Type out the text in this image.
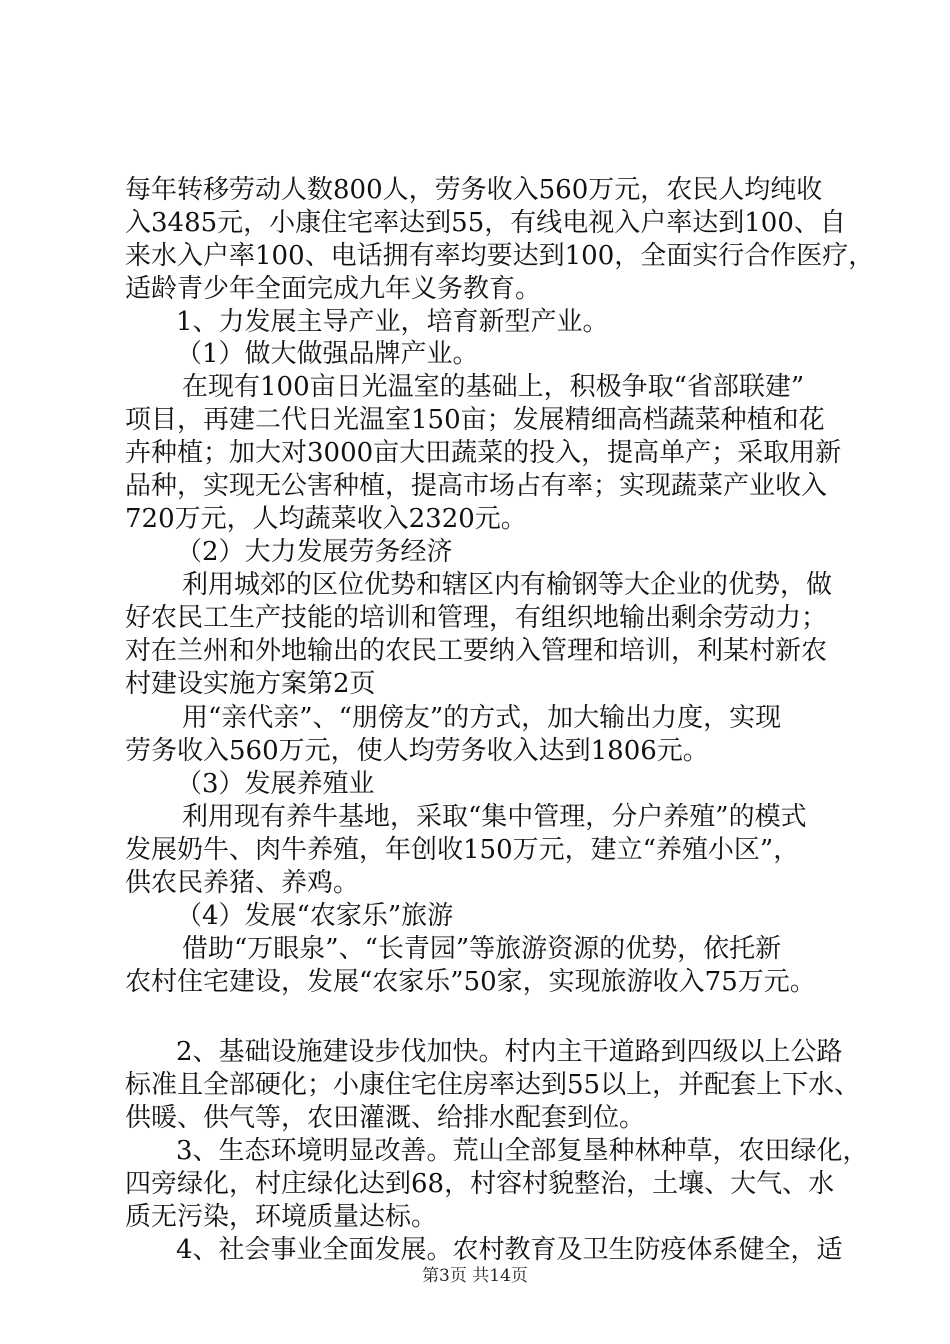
每年转移劳动人数800人，劳务收入560万元，农民人均纯收

入3485元，小康住宅率达到55，有线电视入户率达到100、自

来水入户率100、电话拥有率均要达到100，全面实行合作医疗，

适龄青少年全面完成九年义务教育。

1、力发展主导产业，培育新型产业。

（1）做大做强品牌产业。

在现有100亩日光温室的基础上，积极争取“省部联建”

项目，再建二代日光温室150亩；发展精细高档蔬菜种植和花

卉种植；加大对3000亩大田蔬菜的投入，提高单产；采取用新

品种，实现无公害种植，提高市场占有率；实现蔬菜产业收入

720万元，人均蔬菜收入2320元。

（2）大力发展劳务经济

利用城郊的区位优势和辖区内有榆钢等大企业的优势，做

好农民工生产技能的培训和管理，有组织地输出剩余劳动力；

对在兰州和外地输出的农民工要纳入管理和培训，利某村新农

村建设实施方案第2页

用“亲代亲”、“朋傍友”的方式，加大输出力度，实现

劳务收入560万元，使人均劳务收入达到1806元。

（3）发展养殖业

利用现有养牛基地，采取“集中管理，分户养殖”的模式

发展奶牛、肉牛养殖，年创收150万元，建立“养殖小区”，

供农民养猪、养鸡。

（4）发展“农家乐”旅游

借助“万眼泉”、“长青园”等旅游资源的优势，依托新

农村住宅建设，发展“农家乐”50家，实现旅游收入75万元。

2、基础设施建设步伐加快。村内主干道路到四级以上公路

标准且全部硬化；小康住宅住房率达到55以上，并配套上下水、

供暖、供气等，农田灌溉、给排水配套到位。

3、生态环境明显改善。荒山全部复垦种林种草，农田绿化，

四旁绿化，村庄绿化达到68，村容村貌整治，土壤、大气、水

质无污染，环境质量达标。

4、社会事业全面发展。农村教育及卫生防疫体系健全，适

第3页 共14页
